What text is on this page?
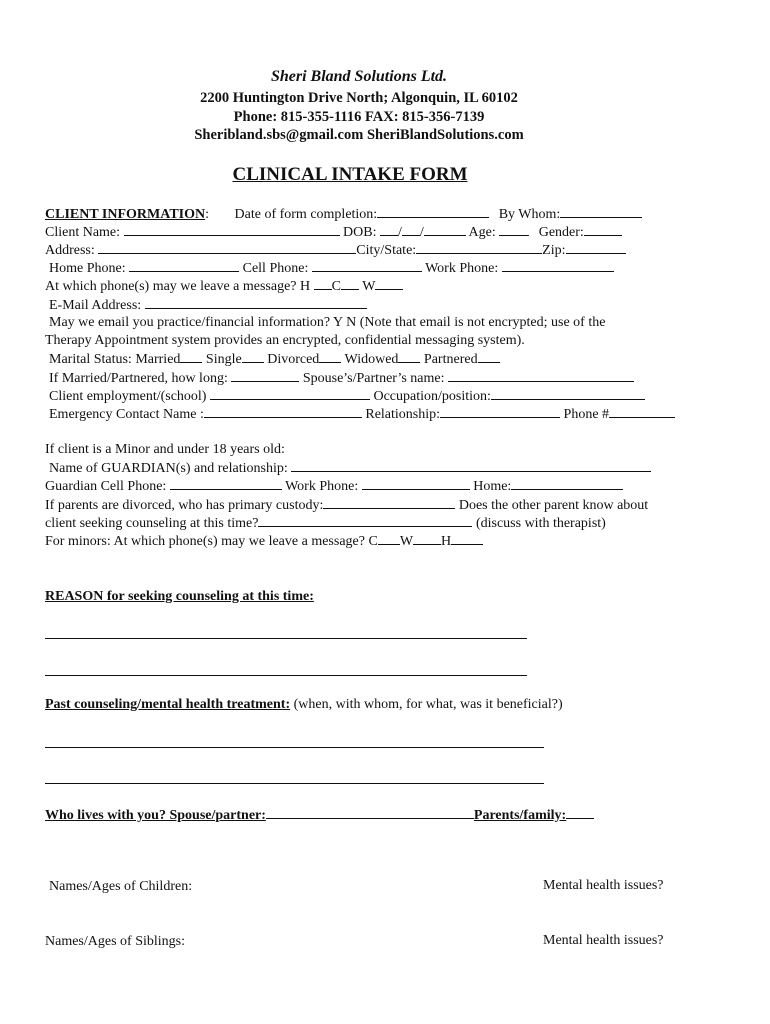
Sheri Bland Solutions Ltd.
2200 Huntington Drive North; Algonquin, IL 60102
Phone: 815-355-1116 FAX: 815-356-7139
Sheribland.sbs@gmail.com SheriBlandSolutions.com
CLINICAL INTAKE FORM
CLIENT INFORMATION: Date of form completion:	By Whom:
Client Name:	DOB: / /	Age:	Gender:
Address:	City/State:	Zip:
Home Phone:	Cell Phone:	Work Phone:
At which phone(s) may we leave a message? H C W
E-Mail Address:
May we email you practice/financial information? Y N (Note that email is not encrypted; use of the
Therapy Appointment system provides an encrypted, confidential messaging system).
Marital Status: Married Single Divorced Widowed Partnered
If Married/Partnered, how long:	Spouse’s/Partner’s name:
Client employment/(school)	Occupation/position:
Emergency Contact Name :	Relationship:	Phone #
If client is a Minor and under 18 years old:
Name of GUARDIAN(s) and relationship:
Guardian Cell Phone:	Work Phone:	Home:
If parents are divorced, who has primary custody:	Does the other parent know about
client seeking counseling at this time?	(discuss with therapist)
For minors: At which phone(s) may we leave a message? C W H
REASON for seeking counseling at this time:
Past counseling/mental health treatment: (when, with whom, for what, was it beneficial?)
Who lives with you? Spouse/partner:	Parents/family:
Names/Ages of Children:	Mental health issues?
Names/Ages of Siblings:	Mental health issues?
